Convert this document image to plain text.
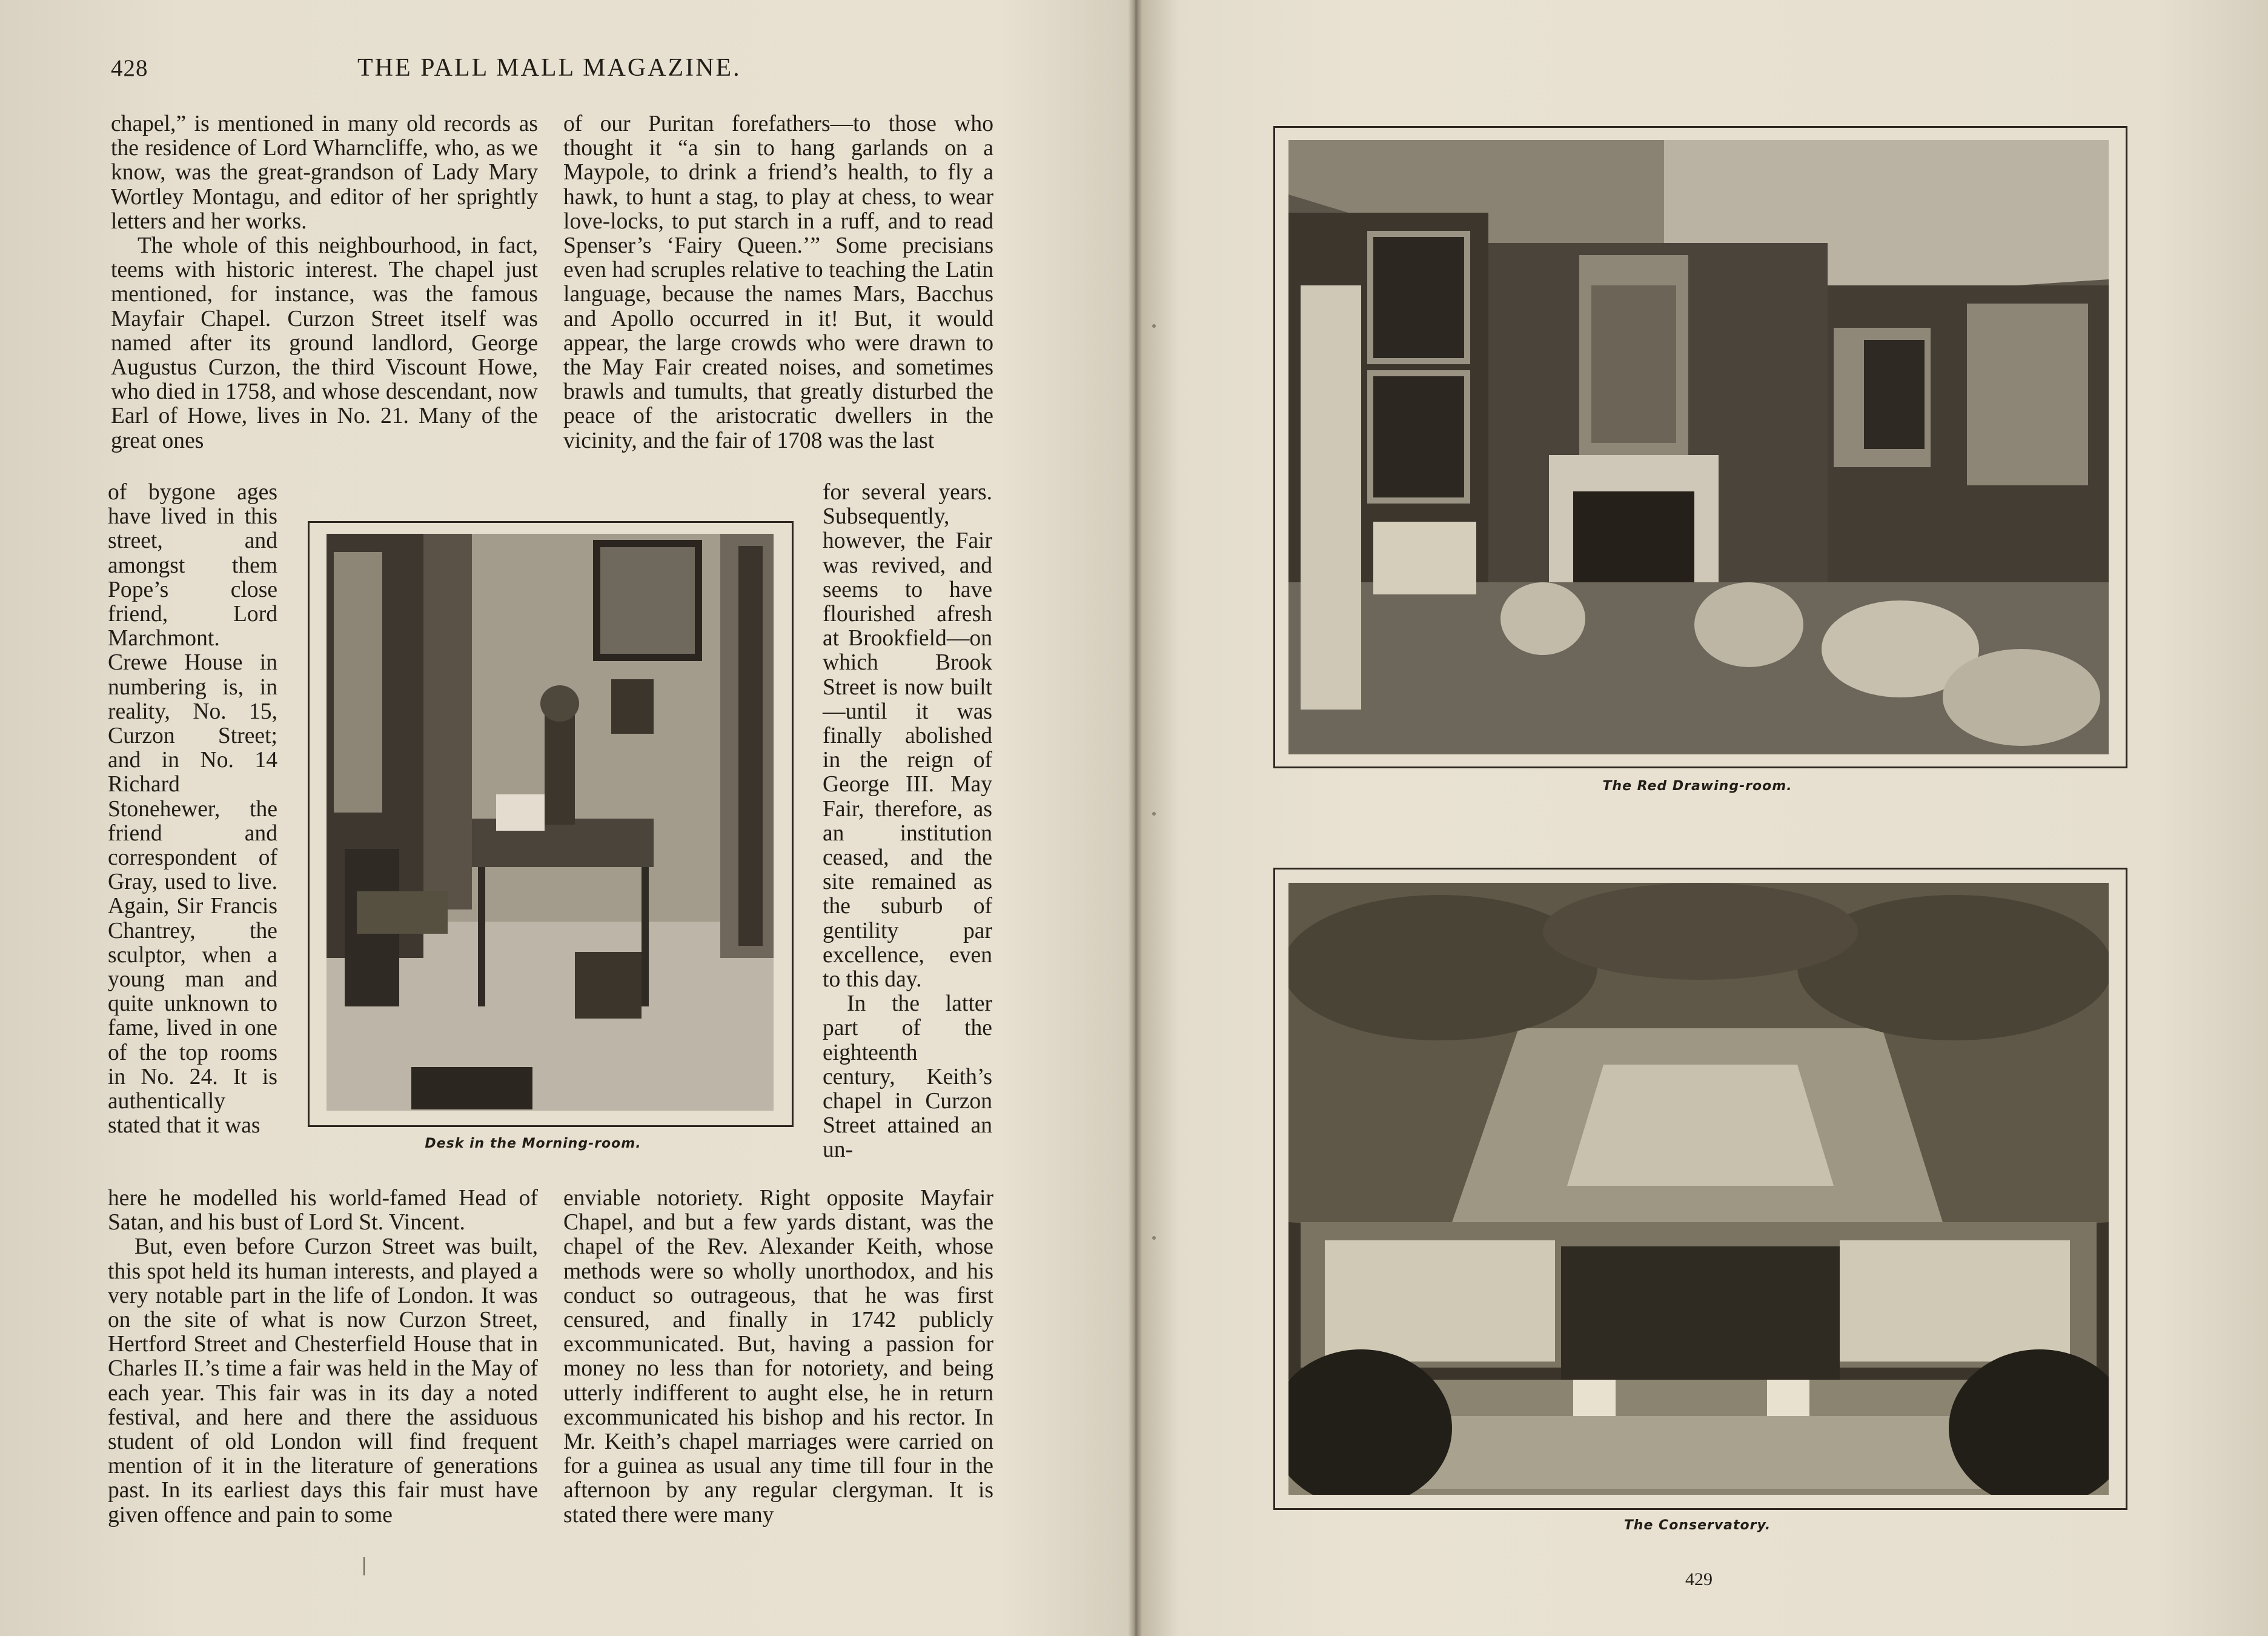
428	THE PALL MALL MAGAZINE.

chapel,” is mentioned in many old records as the residence of Lord Wharncliffe, who, as we know, was the great-grandson of Lady Mary Wortley Montagu, and editor of her sprightly letters and her works.

The whole of this neighbourhood, in fact, teems with historic interest. The chapel just mentioned, for instance, was the famous Mayfair Chapel. Curzon Street itself was named after its ground landlord, George Augustus Curzon, the third Viscount Howe, who died in 1758, and whose descendant, now Earl of Howe, lives in No. 21. Many of the great ones

of bygone ages have lived in this street, and amongst them Pope’s close friend, Lord Marchmont. Crewe House in numbering is, in reality, No. 15, Curzon Street; and in No. 14 Richard Stonehewer, the friend and correspondent of Gray, used to live. Again, Sir Francis Chantrey, the sculptor, when a young man and quite unknown to fame, lived in one of the top rooms in No. 24. It is authentically stated that it was

here he modelled his world-famed Head of Satan, and his bust of Lord St. Vincent.

But, even before Curzon Street was built, this spot held its human interests, and played a very notable part in the life of London. It was on the site of what is now Curzon Street, Hertford Street and Chesterfield House that in Charles II.’s time a fair was held in the May of each year. This fair was in its day a noted festival, and here and there the assiduous student of old London will find frequent mention of it in the literature of generations past. In its earliest days this fair must have given offence and pain to some

of our Puritan forefathers—to those who thought it “a sin to hang garlands on a Maypole, to drink a friend’s health, to fly a hawk, to hunt a stag, to play at chess, to wear love-locks, to put starch in a ruff, and to read Spenser’s ‘Fairy Queen.’” Some precisians even had scruples relative to teaching the Latin language, because the names Mars, Bacchus and Apollo occurred in it! But, it would appear, the large crowds who were drawn to the May Fair created noises, and sometimes brawls and tumults, that greatly disturbed the peace of the aristocratic dwellers in the vicinity, and the fair of 1708 was the last

for several years. Subsequently, however, the Fair was revived, and seems to have flourished afresh at Brookfield—on which Brook Street is now built—until it was finally abolished in the reign of George III. May Fair, therefore, as an institution ceased, and the site remained as the suburb of gentility par excellence, even to this day.

In the latter part of the eighteenth century, Keith’s chapel in Curzon Street attained an un-

enviable notoriety. Right opposite Mayfair Chapel, and but a few yards distant, was the chapel of the Rev. Alexander Keith, whose methods were so wholly unorthodox, and his conduct so outrageous, that he was first censured, and finally in 1742 publicly excommunicated. But, having a passion for money no less than for notoriety, and being utterly indifferent to aught else, he in return excommunicated his bishop and his rector. In Mr. Keith’s chapel marriages were carried on for a guinea as usual any time till four in the afternoon by any regular clergyman. It is stated there were many

Desk in the Morning-room.
The Red Drawing-room.
The Conservatory.
429
